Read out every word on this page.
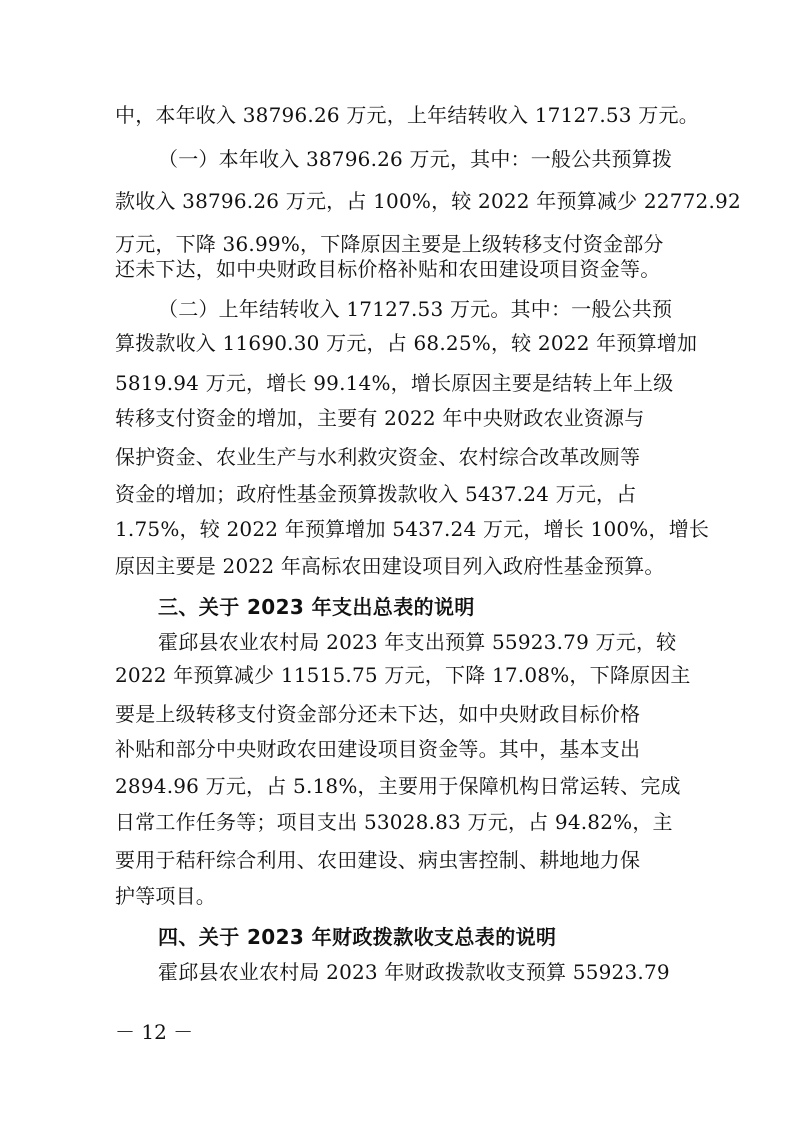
中，本年收入 38796.26 万元，上年结转收入 17127.53 万元。
（一）本年收入 38796.26 万元，其中：一般公共预算拨
款收入 38796.26 万元，占 100%，较 2022 年预算减少 22772.92
万元，下降 36.99%，下降原因主要是上级转移支付资金部分
还未下达，如中央财政目标价格补贴和农田建设项目资金等。
（二）上年结转收入 17127.53 万元。其中：一般公共预
算拨款收入 11690.30 万元，占 68.25%，较 2022 年预算增加
5819.94 万元，增长 99.14%，增长原因主要是结转上年上级
转移支付资金的增加，主要有 2022 年中央财政农业资源与
保护资金、农业生产与水利救灾资金、农村综合改革改厕等
资金的增加；政府性基金预算拨款收入 5437.24 万元，占
1.75%，较 2022 年预算增加 5437.24 万元，增长 100%，增长
原因主要是 2022 年高标农田建设项目列入政府性基金预算。
三、关于 2023 年支出总表的说明
霍邱县农业农村局 2023 年支出预算 55923.79 万元，较
2022 年预算减少 11515.75 万元，下降 17.08%，下降原因主
要是上级转移支付资金部分还未下达，如中央财政目标价格
补贴和部分中央财政农田建设项目资金等。其中，基本支出
2894.96 万元，占 5.18%，主要用于保障机构日常运转、完成
日常工作任务等；项目支出 53028.83 万元，占 94.82%，主
要用于秸秆综合利用、农田建设、病虫害控制、耕地地力保
护等项目。
四、关于 2023 年财政拨款收支总表的说明
霍邱县农业农村局 2023 年财政拨款收支预算 55923.79
－ 12 －
